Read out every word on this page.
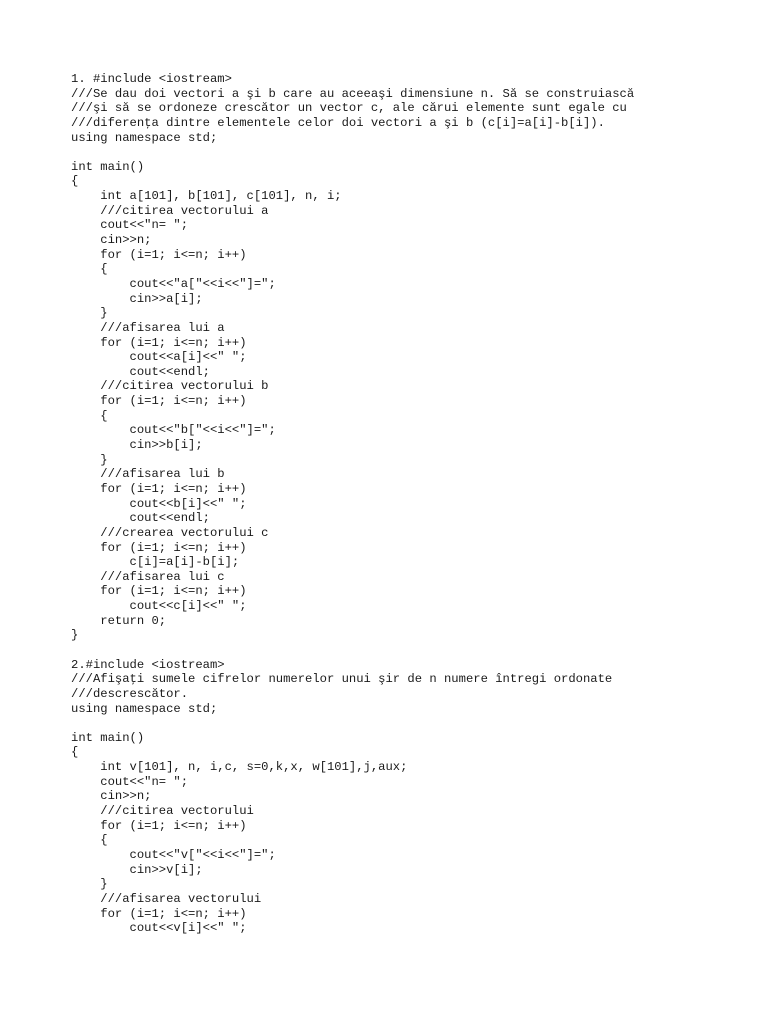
1. #include <iostream>
///Se dau doi vectori a şi b care au aceeaşi dimensiune n. Să se construiască
///şi să se ordoneze crescător un vector c, ale cărui elemente sunt egale cu
///diferenţa dintre elementele celor doi vectori a şi b (c[i]=a[i]-b[i]).
using namespace std;
int main()
{
int a[101], b[101], c[101], n, i;
///citirea vectorului a
cout<<"n= ";
cin>>n;
for (i=1; i<=n; i++)
{
cout<<"a["<<i<<"]=";
cin>>a[i];
}
///afisarea lui a
for (i=1; i<=n; i++)
cout<<a[i]<<" ";
cout<<endl;
///citirea vectorului b
for (i=1; i<=n; i++)
{
cout<<"b["<<i<<"]=";
cin>>b[i];
}
///afisarea lui b
for (i=1; i<=n; i++)
cout<<b[i]<<" ";
cout<<endl;
///crearea vectorului c
for (i=1; i<=n; i++)
c[i]=a[i]-b[i];
///afisarea lui c
for (i=1; i<=n; i++)
cout<<c[i]<<" ";
return 0;
}
2.#include <iostream>
///Afişaţi sumele cifrelor numerelor unui şir de n numere întregi ordonate
///descrescător.
using namespace std;
int main()
{
int v[101], n, i,c, s=0,k,x, w[101],j,aux;
cout<<"n= ";
cin>>n;
///citirea vectorului
for (i=1; i<=n; i++)
{
cout<<"v["<<i<<"]=";
cin>>v[i];
}
///afisarea vectorului
for (i=1; i<=n; i++)
cout<<v[i]<<" ";
